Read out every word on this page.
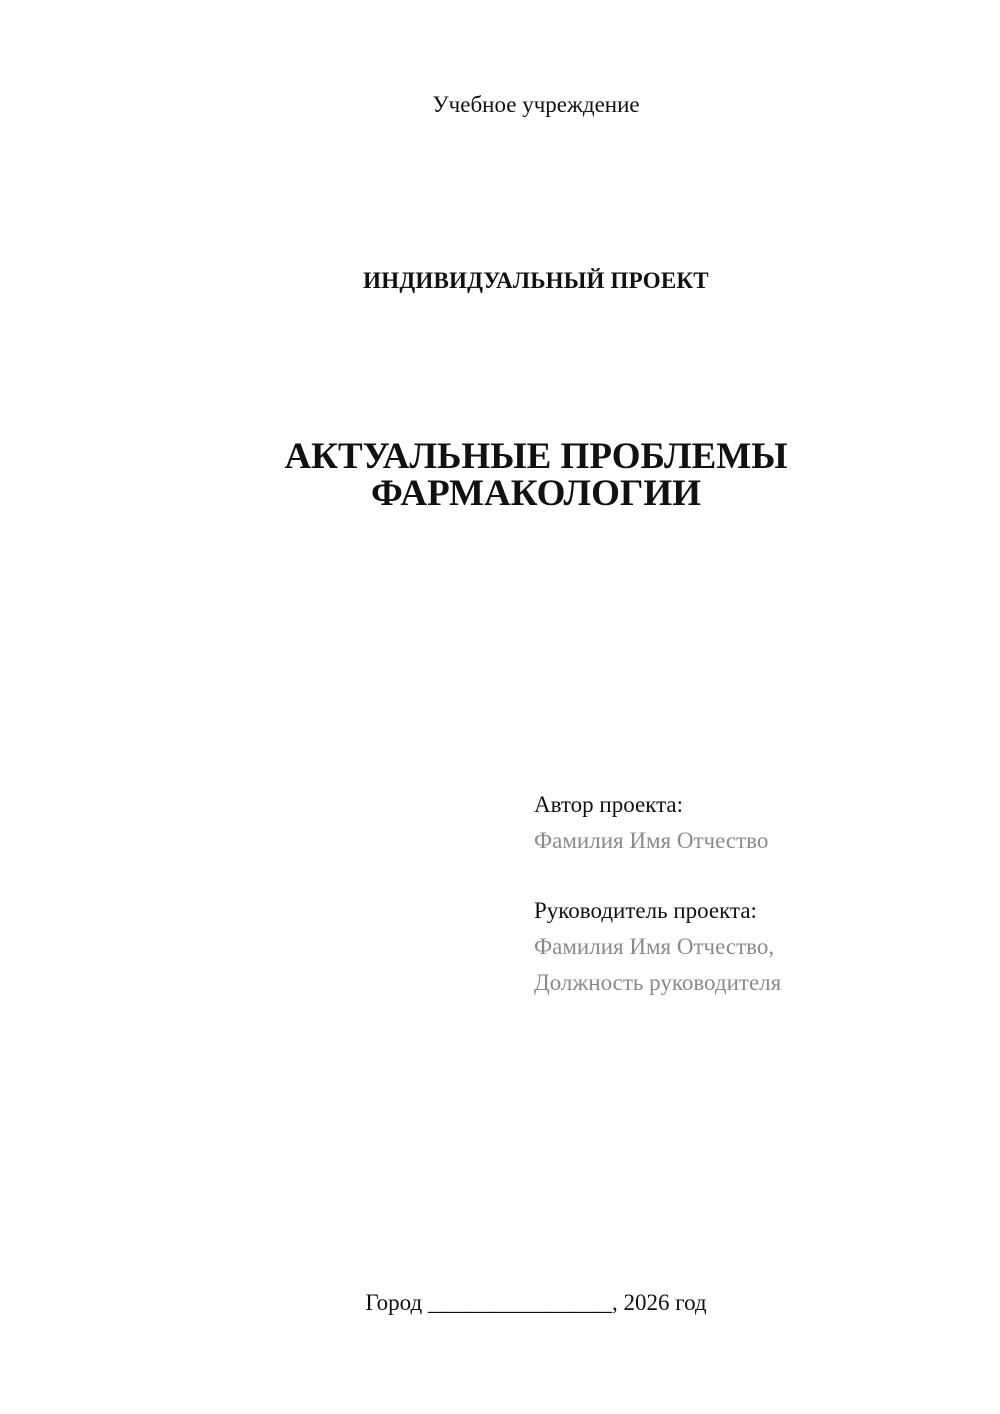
Учебное учреждение
ИНДИВИДУАЛЬНЫЙ ПРОЕКТ
АКТУАЛЬНЫЕ ПРОБЛЕМЫ
ФАРМАКОЛОГИИ
Автор проекта:
Фамилия Имя Отчество
Руководитель проекта:
Фамилия Имя Отчество,
Должность руководителя
Город ________________, 2026 год
